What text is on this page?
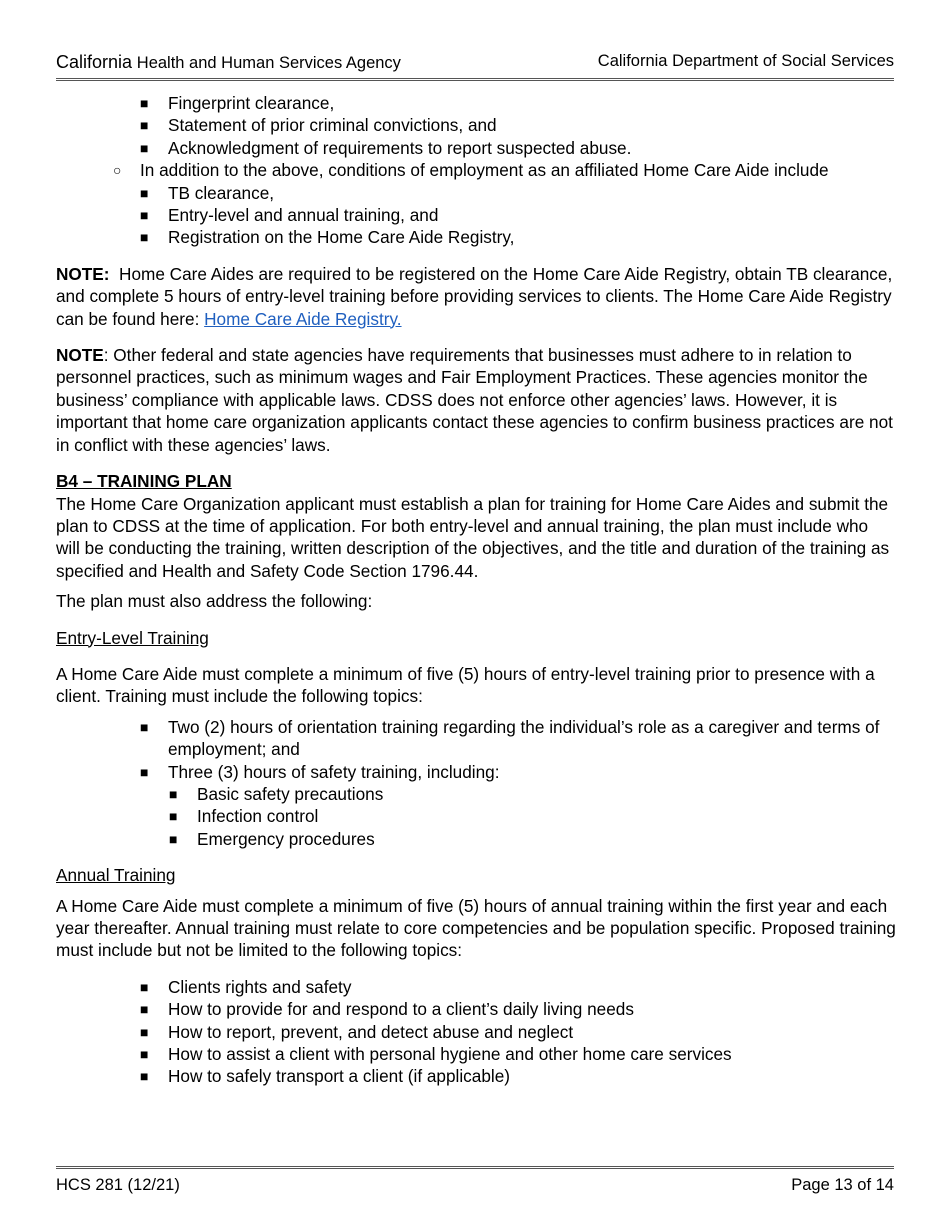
California Health and Human Services Agency	California Department of Social Services
■ Fingerprint clearance,
■ Statement of prior criminal convictions, and
■ Acknowledgment of requirements to report suspected abuse.
○ In addition to the above, conditions of employment as an affiliated Home Care Aide include
■ TB clearance,
■ Entry-level and annual training, and
■ Registration on the Home Care Aide Registry,

NOTE: Home Care Aides are required to be registered on the Home Care Aide Registry, obtain TB clearance, and complete 5 hours of entry-level training before providing services to clients. The Home Care Aide Registry can be found here: Home Care Aide Registry.

NOTE: Other federal and state agencies have requirements that businesses must adhere to in relation to personnel practices, such as minimum wages and Fair Employment Practices. These agencies monitor the business’ compliance with applicable laws. CDSS does not enforce other agencies’ laws. However, it is important that home care organization applicants contact these agencies to confirm business practices are not in conflict with these agencies’ laws.

B4 – TRAINING PLAN

The Home Care Organization applicant must establish a plan for training for Home Care Aides and submit the plan to CDSS at the time of application. For both entry-level and annual training, the plan must include who will be conducting the training, written description of the objectives, and the title and duration of the training as specified and Health and Safety Code Section 1796.44.

The plan must also address the following:

Entry-Level Training

A Home Care Aide must complete a minimum of five (5) hours of entry-level training prior to presence with a client. Training must include the following topics:

■ Two (2) hours of orientation training regarding the individual’s role as a caregiver and terms of employment; and
■ Three (3) hours of safety training, including:
■ Basic safety precautions
■ Infection control
■ Emergency procedures

Annual Training

A Home Care Aide must complete a minimum of five (5) hours of annual training within the first year and each year thereafter. Annual training must relate to core competencies and be population specific. Proposed training must include but not be limited to the following topics:

■ Clients rights and safety
■ How to provide for and respond to a client’s daily living needs
■ How to report, prevent, and detect abuse and neglect
■ How to assist a client with personal hygiene and other home care services
■ How to safely transport a client (if applicable)
HCS 281 (12/21)	Page 13 of 14
